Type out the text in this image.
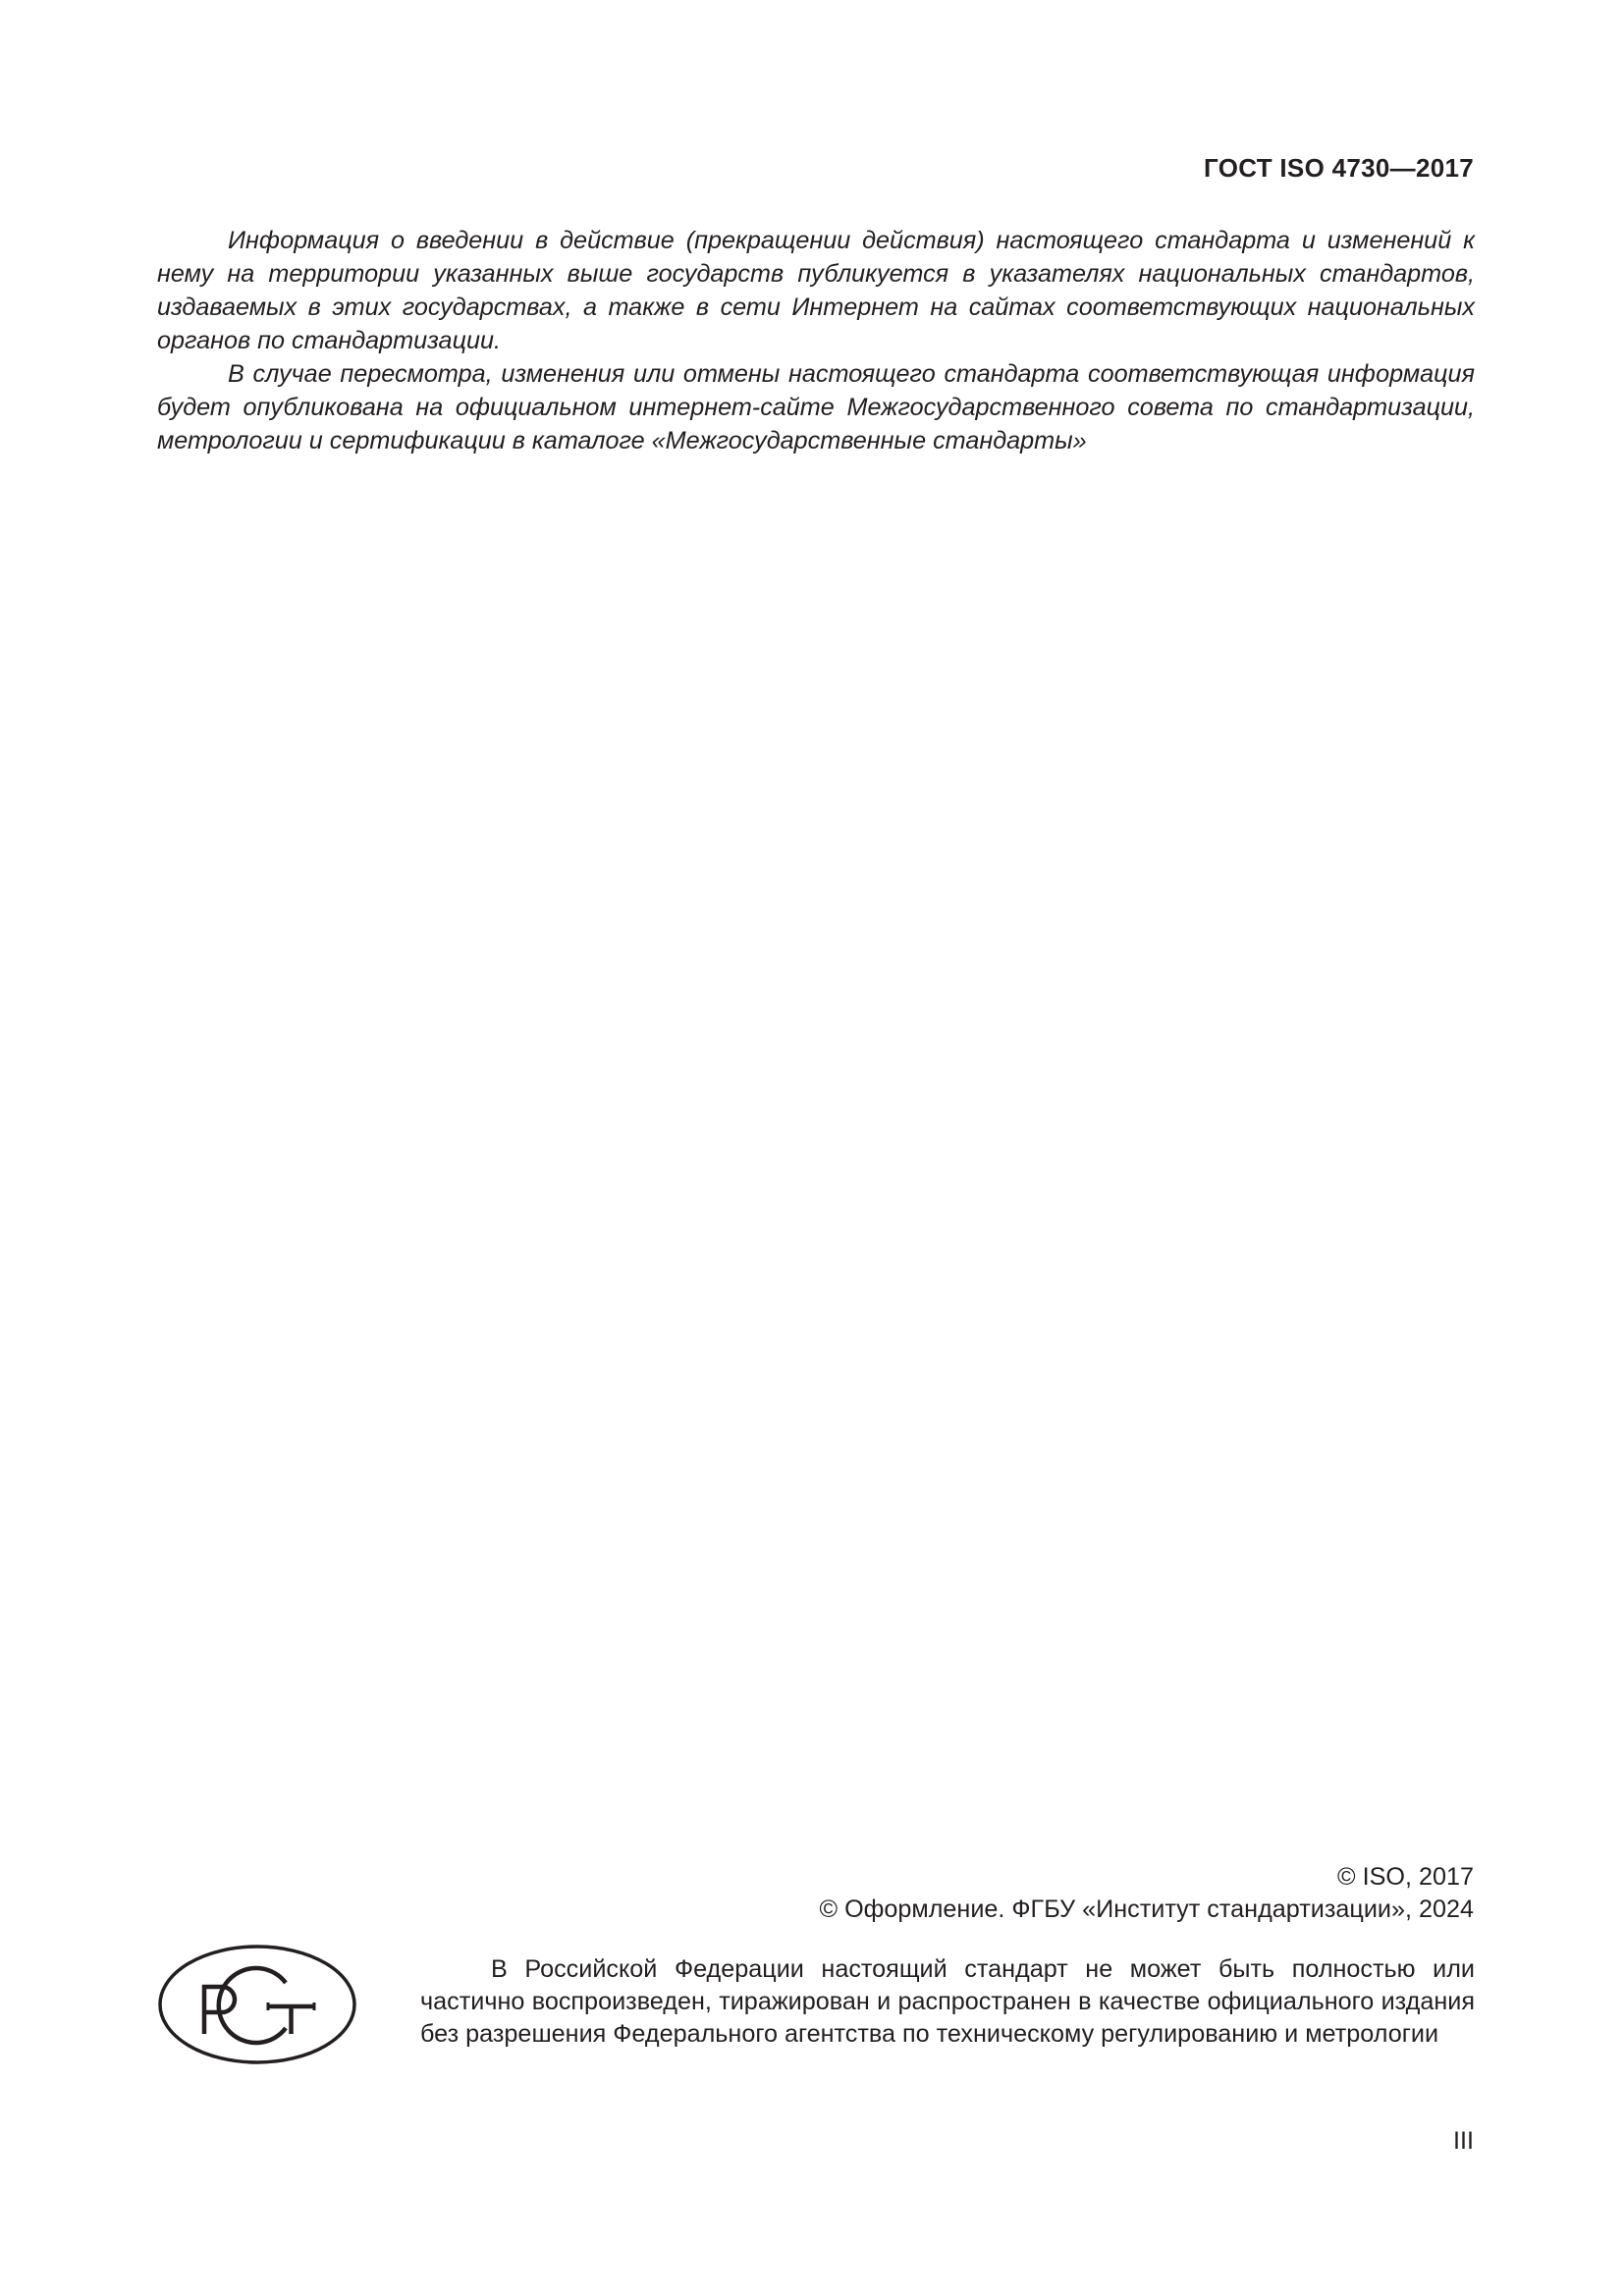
ГОСТ ISO 4730—2017

Информация о введении в действие (прекращении действия) настоящего стандарта и изменений к нему на территории указанных выше государств публикуется в указателях национальных стандартов, издаваемых в этих государствах, а также в сети Интернет на сайтах соответствующих национальных органов по стандартизации.

В случае пересмотра, изменения или отмены настоящего стандарта соответствующая информация будет опубликована на официальном интернет-сайте Межгосударственного совета по стандартизации, метрологии и сертификации в каталоге «Межгосударственные стандарты»

© ISO, 2017
© Оформление. ФГБУ «Институт стандартизации», 2024

В Российской Федерации настоящий стандарт не может быть полностью или частично воспроизведен, тиражирован и распространен в качестве официального издания без разрешения Федерального агентства по техническому регулированию и метрологии

III
